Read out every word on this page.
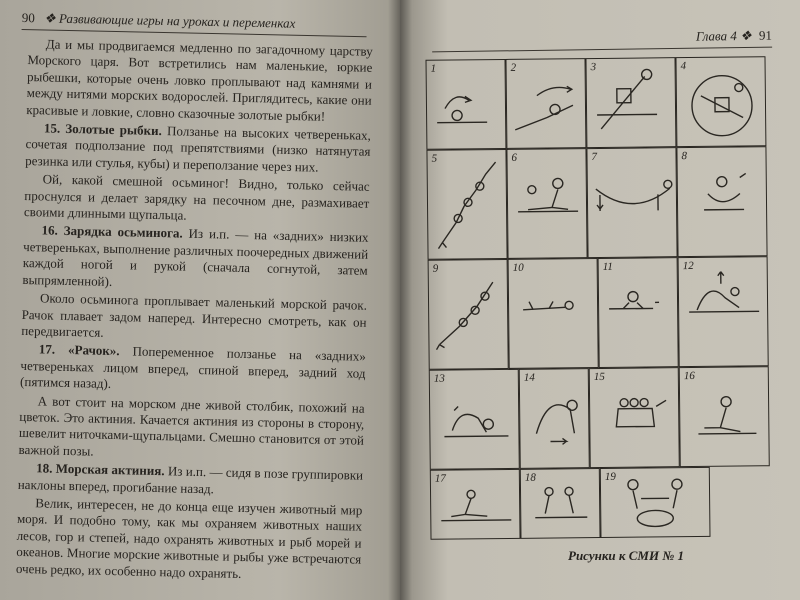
90 ❖ Развивающие игры на уроках и переменках

Да и мы продвигаемся медленно по загадочному царству Морского царя. Вот встретились нам маленькие, юркие рыбешки, которые очень ловко проплывают над камнями и между нитями морских водорослей. Приглядитесь, какие они красивые и ловкие, словно сказочные золотые рыбки!

15. Золотые рыбки. Ползанье на высоких четвереньках, сочетая подползание под препятствиями (низко натянутая резинка или стулья, кубы) и переползание через них.

Ой, какой смешной осьминог! Видно, только сейчас проснулся и делает зарядку на песочном дне, размахивает своими длинными щупальца.

16. Зарядка осьминога. Из и.п. — на «задних» низких четвереньках, выполнение различных поочередных движений каждой ногой и рукой (сначала согнутой, затем выпрямленной).

Около осьминога проплывает маленький морской рачок. Рачок плавает задом наперед. Интересно смотреть, как он передвигается.

17. «Рачок». Попеременное ползанье на «задних» четвереньках лицом вперед, спиной вперед, задний ход (пятимся назад).

А вот стоит на морском дне живой столбик, похожий на цветок. Это актиния. Качается актиния из стороны в сторону, шевелит ниточками-щупальцами. Смешно становится от этой важной позы.

18. Морская актиния. Из и.п. — сидя в позе группировки наклоны вперед, прогибание назад.

Велик, интересен, не до конца еще изучен животный мир моря. И подобно тому, как мы охраняем животных наших лесов, гор и степей, надо охранять животных и рыб морей и океанов. Многие морские животные и рыбы уже встречаются очень редко, их особенно надо охранять.

Глава 4 ❖ 91
1	2	3	4
5	6	7	8
9	10	11	12
13	14	15	16
17	18	19
Рисунки к СМИ № 1
